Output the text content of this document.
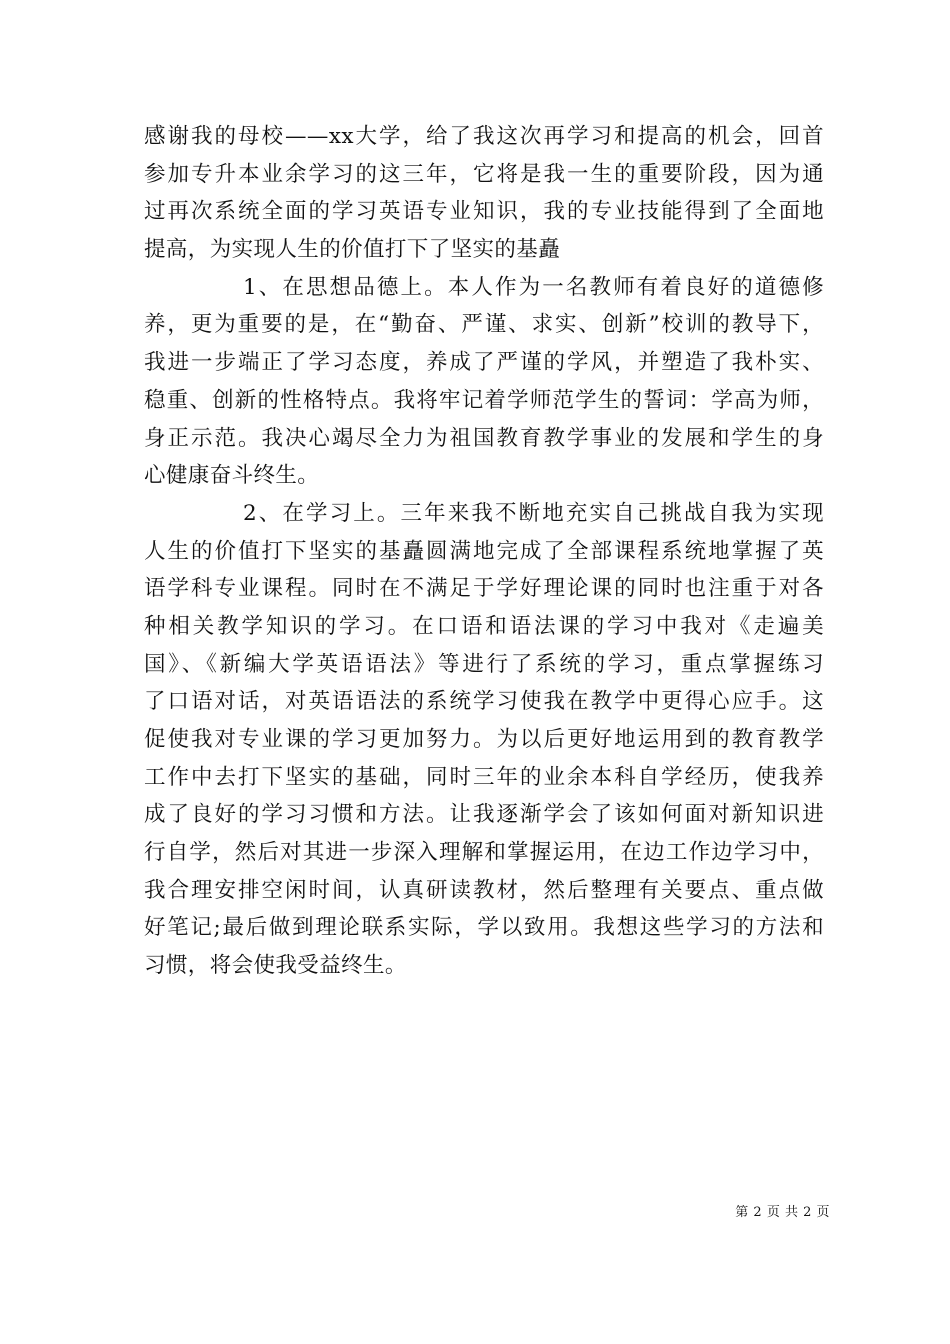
感谢我的母校——xx大学，给了我这次再学习和提高的机会，回首
参加专升本业余学习的这三年，它将是我一生的重要阶段，因为通
过再次系统全面的学习英语专业知识，我的专业技能得到了全面地
提高，为实现人生的价值打下了坚实的基矗
1、在思想品德上。本人作为一名教师有着良好的道德修
养，更为重要的是，在“勤奋、严谨、求实、创新”校训的教导下，
我进一步端正了学习态度，养成了严谨的学风，并塑造了我朴实、
稳重、创新的性格特点。我将牢记着学师范学生的誓词：学高为师，
身正示范。我决心竭尽全力为祖国教育教学事业的发展和学生的身
心健康奋斗终生。
2、在学习上。三年来我不断地充实自己挑战自我为实现
人生的价值打下坚实的基矗圆满地完成了全部课程系统地掌握了英
语学科专业课程。同时在不满足于学好理论课的同时也注重于对各
种相关教学知识的学习。在口语和语法课的学习中我对《走遍美
国》、《新编大学英语语法》等进行了系统的学习，重点掌握练习
了口语对话，对英语语法的系统学习使我在教学中更得心应手。这
促使我对专业课的学习更加努力。为以后更好地运用到的教育教学
工作中去打下坚实的基础，同时三年的业余本科自学经历，使我养
成了良好的学习习惯和方法。让我逐渐学会了该如何面对新知识进
行自学，然后对其进一步深入理解和掌握运用，在边工作边学习中，
我合理安排空闲时间，认真研读教材，然后整理有关要点、重点做
好笔记;最后做到理论联系实际，学以致用。我想这些学习的方法和
习惯，将会使我受益终生。
第 2 页 共 2 页
